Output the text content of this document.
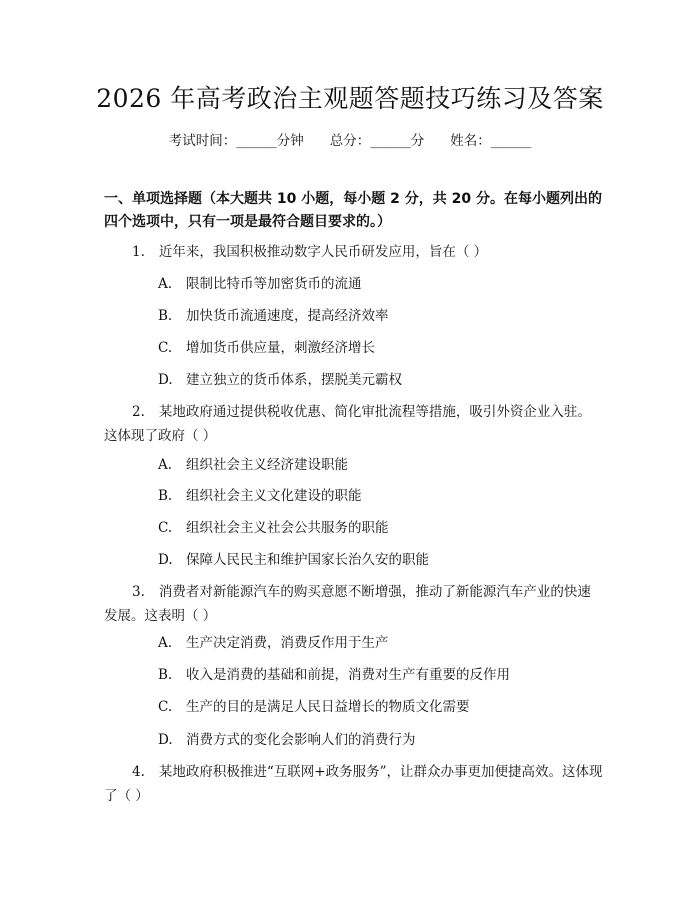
2026 年高考政治主观题答题技巧练习及答案
考试时间：______分钟 总分：______分 姓名：______
一、单项选择题（本大题共 10 小题，每小题 2 分，共 20 分。在每小题列出的四个选项中，只有一项是最符合题目要求的。）
1. 近年来，我国积极推动数字人民币研发应用，旨在（ ）
A. 限制比特币等加密货币的流通
B. 加快货币流通速度，提高经济效率
C. 增加货币供应量，刺激经济增长
D. 建立独立的货币体系，摆脱美元霸权
2. 某地政府通过提供税收优惠、简化审批流程等措施，吸引外资企业入驻。这体现了政府（ ）
A. 组织社会主义经济建设职能
B. 组织社会主义文化建设的职能
C. 组织社会主义社会公共服务的职能
D. 保障人民民主和维护国家长治久安的职能
3. 消费者对新能源汽车的购买意愿不断增强，推动了新能源汽车产业的快速发展。这表明（ ）
A. 生产决定消费，消费反作用于生产
B. 收入是消费的基础和前提，消费对生产有重要的反作用
C. 生产的目的是满足人民日益增长的物质文化需要
D. 消费方式的变化会影响人们的消费行为
4. 某地政府积极推进“互联网+政务服务”，让群众办事更加便捷高效。这体现了（ ）
